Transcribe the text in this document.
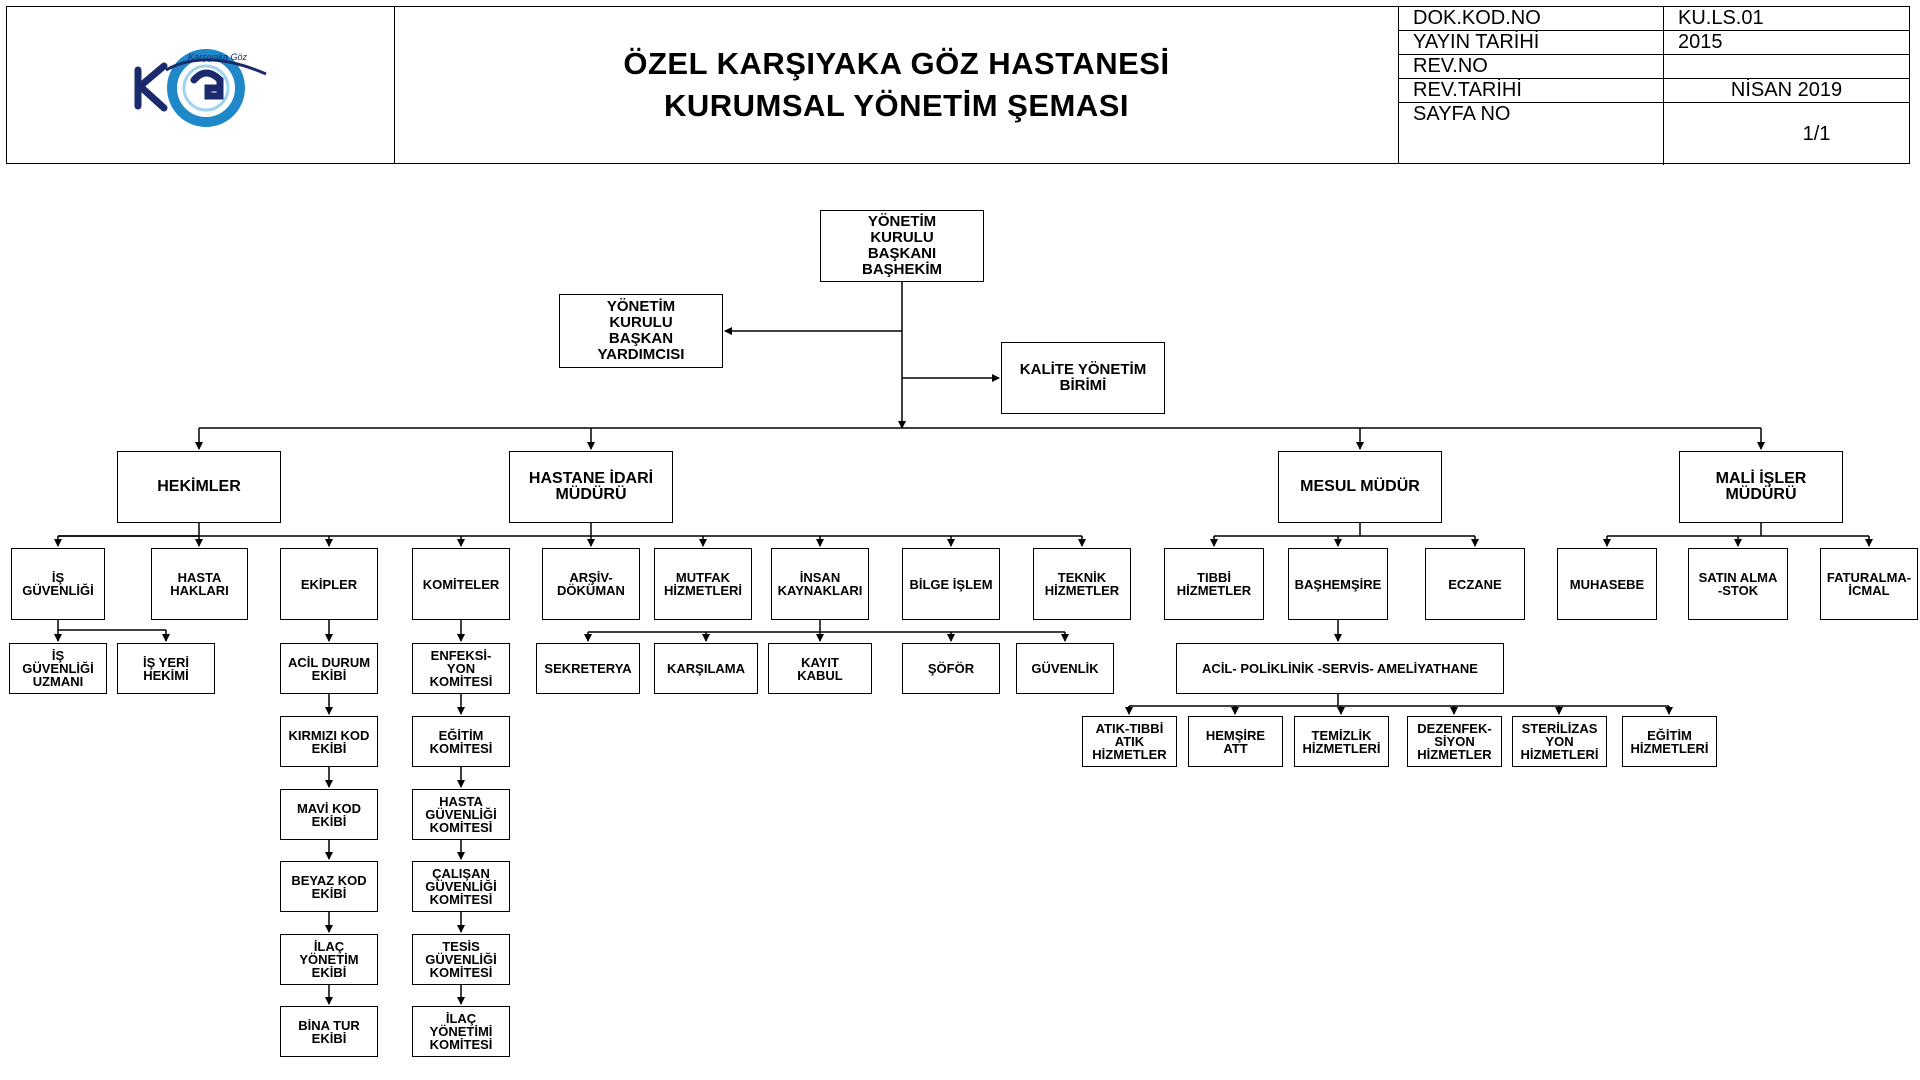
Karşıyaka Göz	ÖZEL KARŞIYAKA GÖZ HASTANESİ
KURUMSAL YÖNETİM ŞEMASI
DOK.KOD.NO	KU.LS.01
YAYIN TARİHİ	2015
REV.NO
REV.TARİHİ	NİSAN 2019
SAYFA NO
1/1
YÖNETİM
KURULU
BAŞKANI
BAŞHEKİM
YÖNETİM
KURULU
BAŞKAN
YARDIMCISI
KALİTE YÖNETİM
BİRİMİ
HEKİMLER	HASTANE İDARİ
MÜDÜRÜ	MESUL MÜDÜR	MALİ İŞLER
MÜDÜRÜ
İŞ
GÜVENLİĞİ
HASTA
HAKLARI
İŞ
GÜVENLİĞİ
UZMANI
İŞ YERİ
HEKİMİ
EKİPLER	KOMİTELER	ARŞİV-
DÖKÜMAN
MUTFAK
HİZMETLERİ
İNSAN
KAYNAKLARI	BİLGE İŞLEM	TEKNİK
HİZMETLER
ACİL DURUM
EKİBİ
KIRMIZI KOD
EKİBİ
MAVİ KOD
EKİBİ
BEYAZ KOD
EKİBİ
İLAÇ
YÖNETİM
EKİBİ
BİNA TUR
EKİBİ
ENFEKSİ-
YON
KOMİTESİ
EĞİTİM
KOMİTESİ
HASTA
GÜVENLİĞİ
KOMİTESİ
ÇALIŞAN
GÜVENLİĞİ
KOMİTESİ
TESİS
GÜVENLİĞİ
KOMİTESİ
İLAÇ
YÖNETİMİ
KOMİTESİ
SEKRETERYA	KARŞILAMA	KAYIT
KABUL	ŞÖFÖR	GÜVENLİK
TIBBİ
HİZMETLER	BAŞHEMŞİRE	ECZANE
ACİL- POLİKLİNİK -SERVİS- AMELİYATHANE
ATIK-TIBBİ
ATIK
HİZMETLER
HEMŞİRE
ATT
TEMİZLİK
HİZMETLERİ
DEZENFEK-
SİYON
HİZMETLER
STERİLİZAS
YON
HİZMETLERİ
EĞİTİM
HİZMETLERİ
MUHASEBE	SATIN ALMA
-STOK
FATURALMA-
İCMAL
